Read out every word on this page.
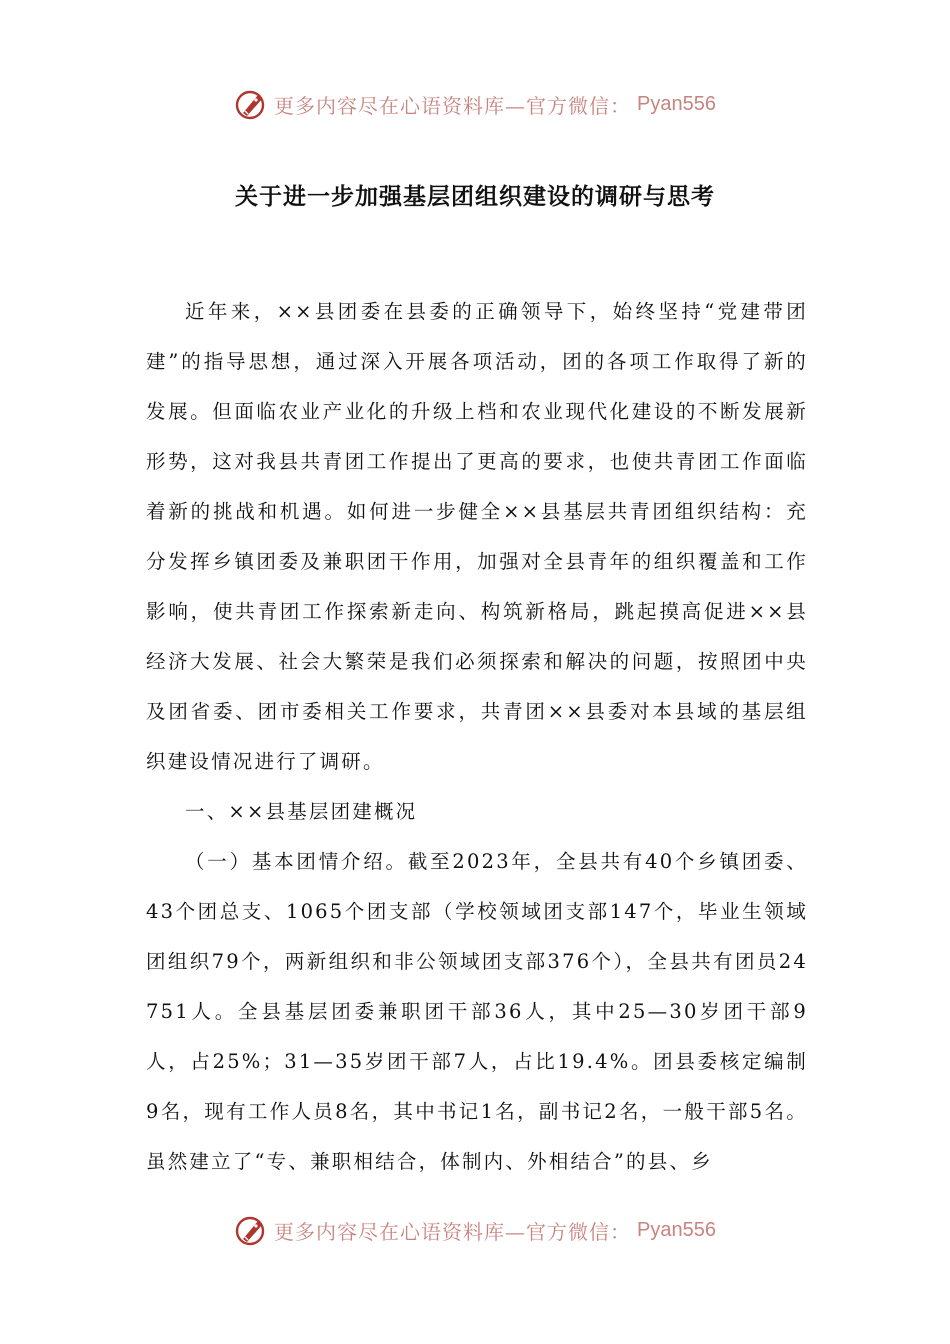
更多内容尽在心语资料库—官方微信： Pyan556
关于进一步加强基层团组织建设的调研与思考

近年来，××县团委在县委的正确领导下，始终坚持“党建带团建”的指导思想，通过深入开展各项活动，团的各项工作取得了新的发展。但面临农业产业化的升级上档和农业现代化建设的不断发展新形势，这对我县共青团工作提出了更高的要求，也使共青团工作面临着新的挑战和机遇。如何进一步健全××县基层共青团组织结构：充分发挥乡镇团委及兼职团干作用，加强对全县青年的组织覆盖和工作影响，使共青团工作探索新走向、构筑新格局，跳起摸高促进××县经济大发展、社会大繁荣是我们必须探索和解决的问题，按照团中央及团省委、团市委相关工作要求，共青团××县委对本县域的基层组织建设情况进行了调研。

一、××县基层团建概况

（一）基本团情介绍。截至2023年，全县共有40个乡镇团委、43个团总支、1065个团支部（学校领域团支部147个，毕业生领域团组织79个，两新组织和非公领域团支部376个），全县共有团员24751人。全县基层团委兼职团干部36人，其中25—30岁团干部9人，占25%；31—35岁团干部7人，占比19.4%。团县委核定编制9名，现有工作人员8名，其中书记1名，副书记2名，一般干部5名。虽然建立了“专、兼职相结合，体制内、外相结合”的县、乡

更多内容尽在心语资料库—官方微信： Pyan556
